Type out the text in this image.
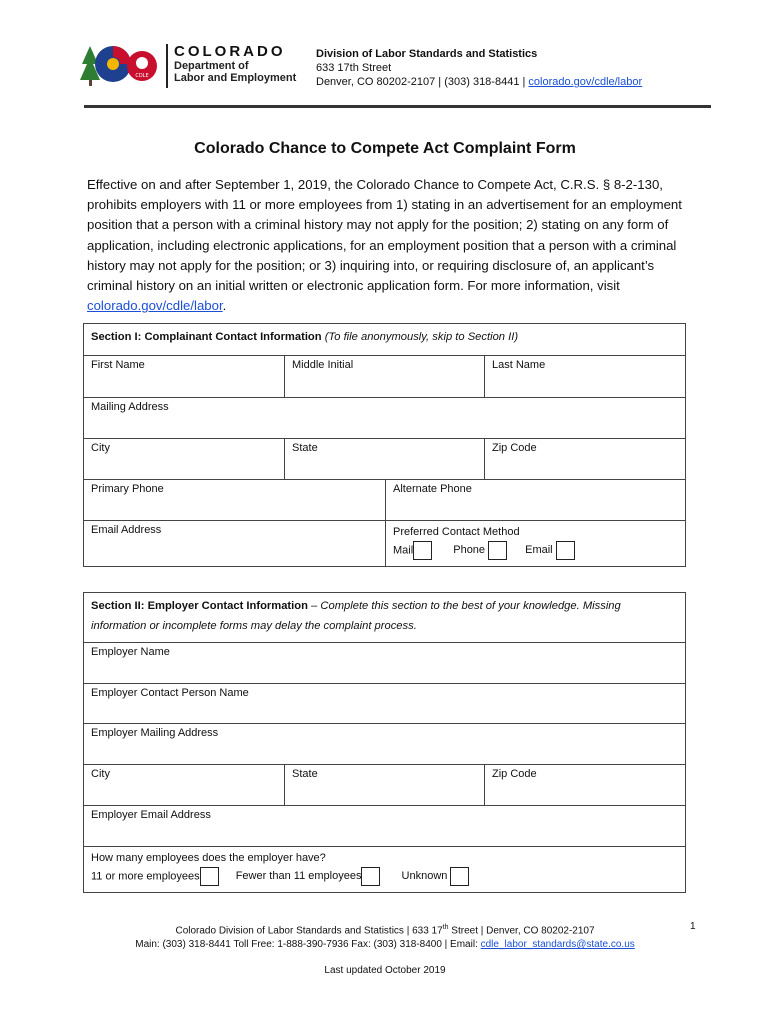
CDLE
COLORADO
Department of
Labor and Employment
Division of Labor Standards and Statistics
633 17th Street
Denver, CO 80202-2107 | (303) 318-8441 | colorado.gov/cdle/labor
Colorado Chance to Compete Act Complaint Form
Effective on and after September 1, 2019, the Colorado Chance to Compete Act, C.R.S. § 8-2-130, prohibits employers with 11 or more employees from 1) stating in an advertisement for an employment position that a person with a criminal history may not apply for the position; 2) stating on any form of application, including electronic applications, for an employment position that a person with a criminal history may not apply for the position; or 3) inquiring into, or requiring disclosure of, an applicant’s criminal history on an initial written or electronic application form. For more information, visit colorado.gov/cdle/labor.
Section I: Complainant Contact Information (To file anonymously, skip to Section II)
First Name	Middle Initial	Last Name
Mailing Address
City	State	Zip Code
Primary Phone	Alternate Phone
Email Address	Preferred Contact Method
Mail	Phone	Email
Section II: Employer Contact Information – Complete this section to the best of your knowledge. Missing information or incomplete forms may delay the complaint process.
Employer Name
Employer Contact Person Name
Employer Mailing Address
City	State	Zip Code
Employer Email Address
How many employees does the employer have?
11 or more employees	Fewer than 11 employees	Unknown
Colorado Division of Labor Standards and Statistics | 633 17th Street | Denver, CO 80202-2107
Main: (303) 318-8441 Toll Free: 1-888-390-7936 Fax: (303) 318-8400 | Email: cdle_labor_standards@state.co.us
1
Last updated October 2019
